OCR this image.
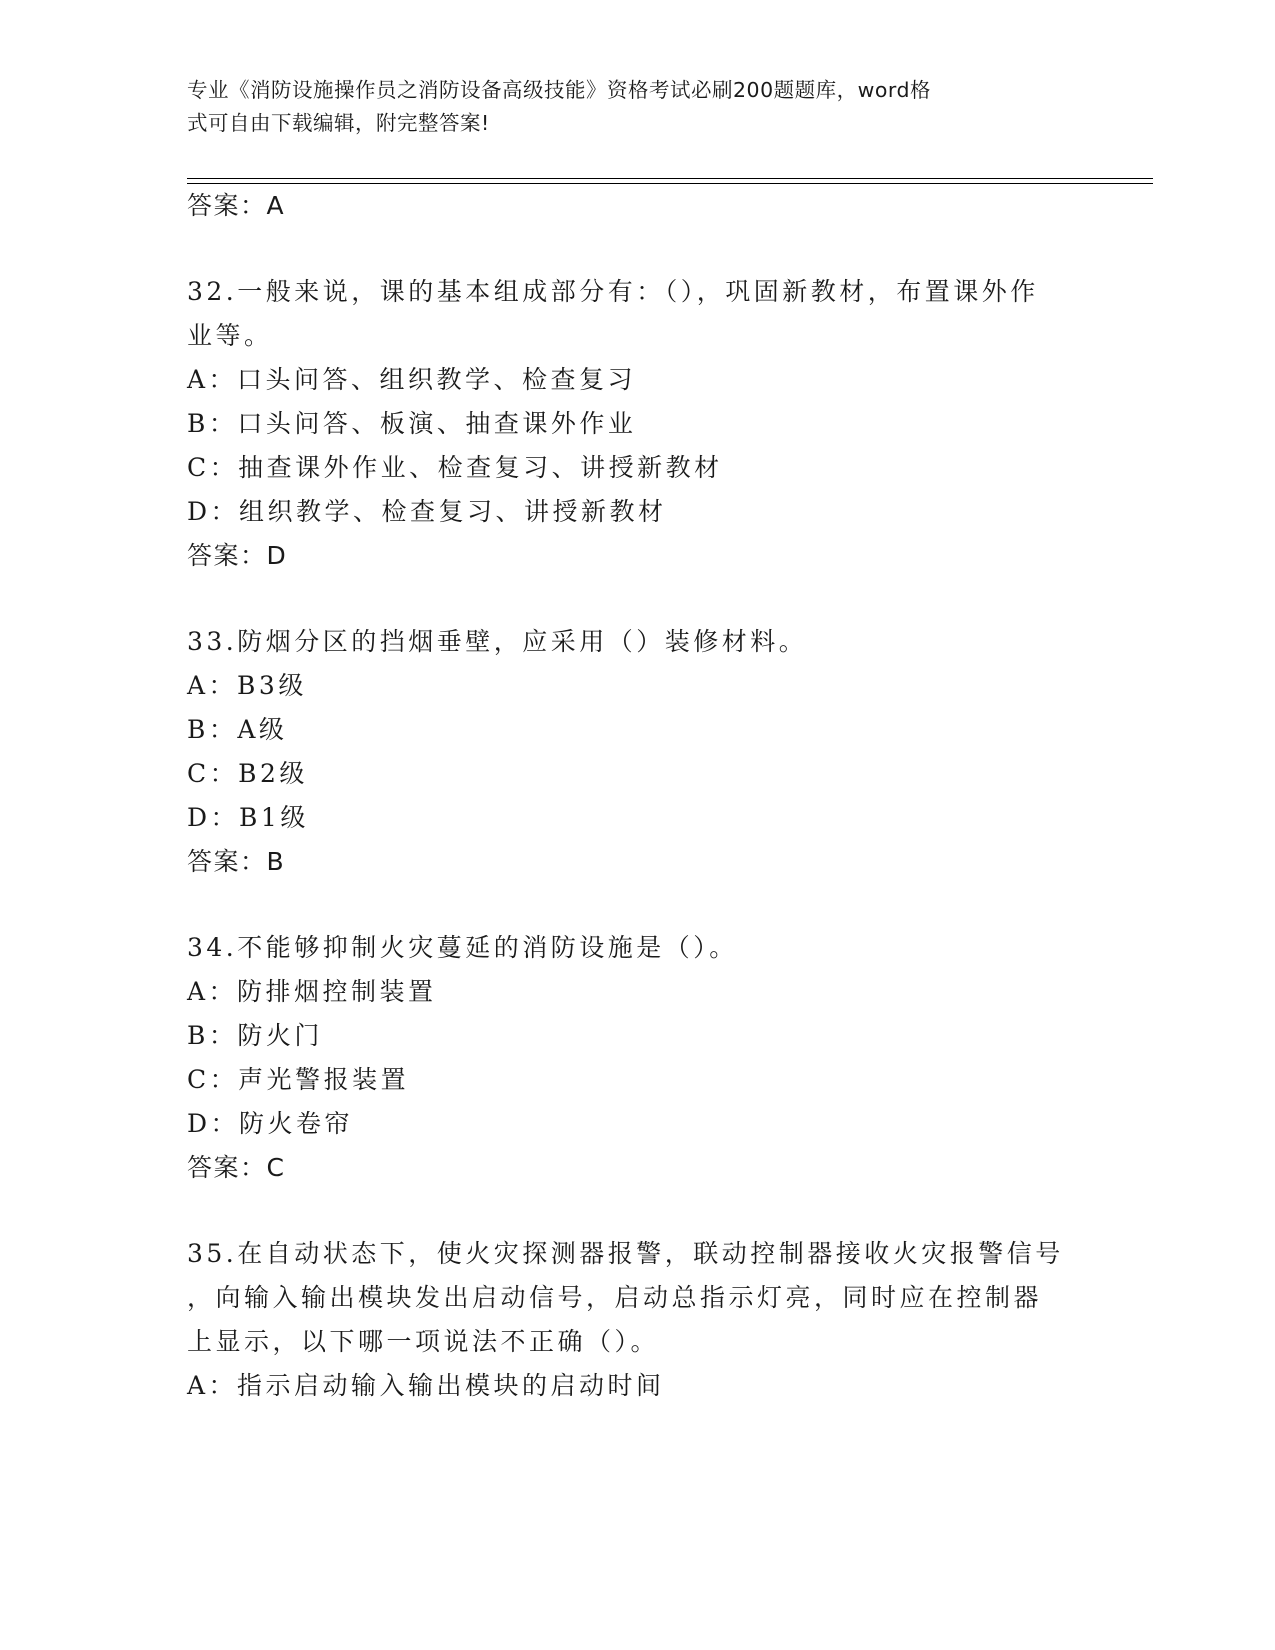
专业《消防设施操作员之消防设备高级技能》资格考试必刷200题题库，word格
式可自由下载编辑，附完整答案!
答案：A
32.一般来说，课的基本组成部分有：（），巩固新教材，布置课外作
业等。
A：口头问答、组织教学、检查复习
B：口头问答、板演、抽查课外作业
C：抽查课外作业、检查复习、讲授新教材
D：组织教学、检查复习、讲授新教材
答案：D
33.防烟分区的挡烟垂壁，应采用（）装修材料。
A：B3级
B：A级
C：B2级
D：B1级
答案：B
34.不能够抑制火灾蔓延的消防设施是（）。
A：防排烟控制装置
B：防火门
C：声光警报装置
D：防火卷帘
答案：C
35.在自动状态下，使火灾探测器报警，联动控制器接收火灾报警信号
，向输入输出模块发出启动信号，启动总指示灯亮，同时应在控制器
上显示，以下哪一项说法不正确（）。
A：指示启动输入输出模块的启动时间
